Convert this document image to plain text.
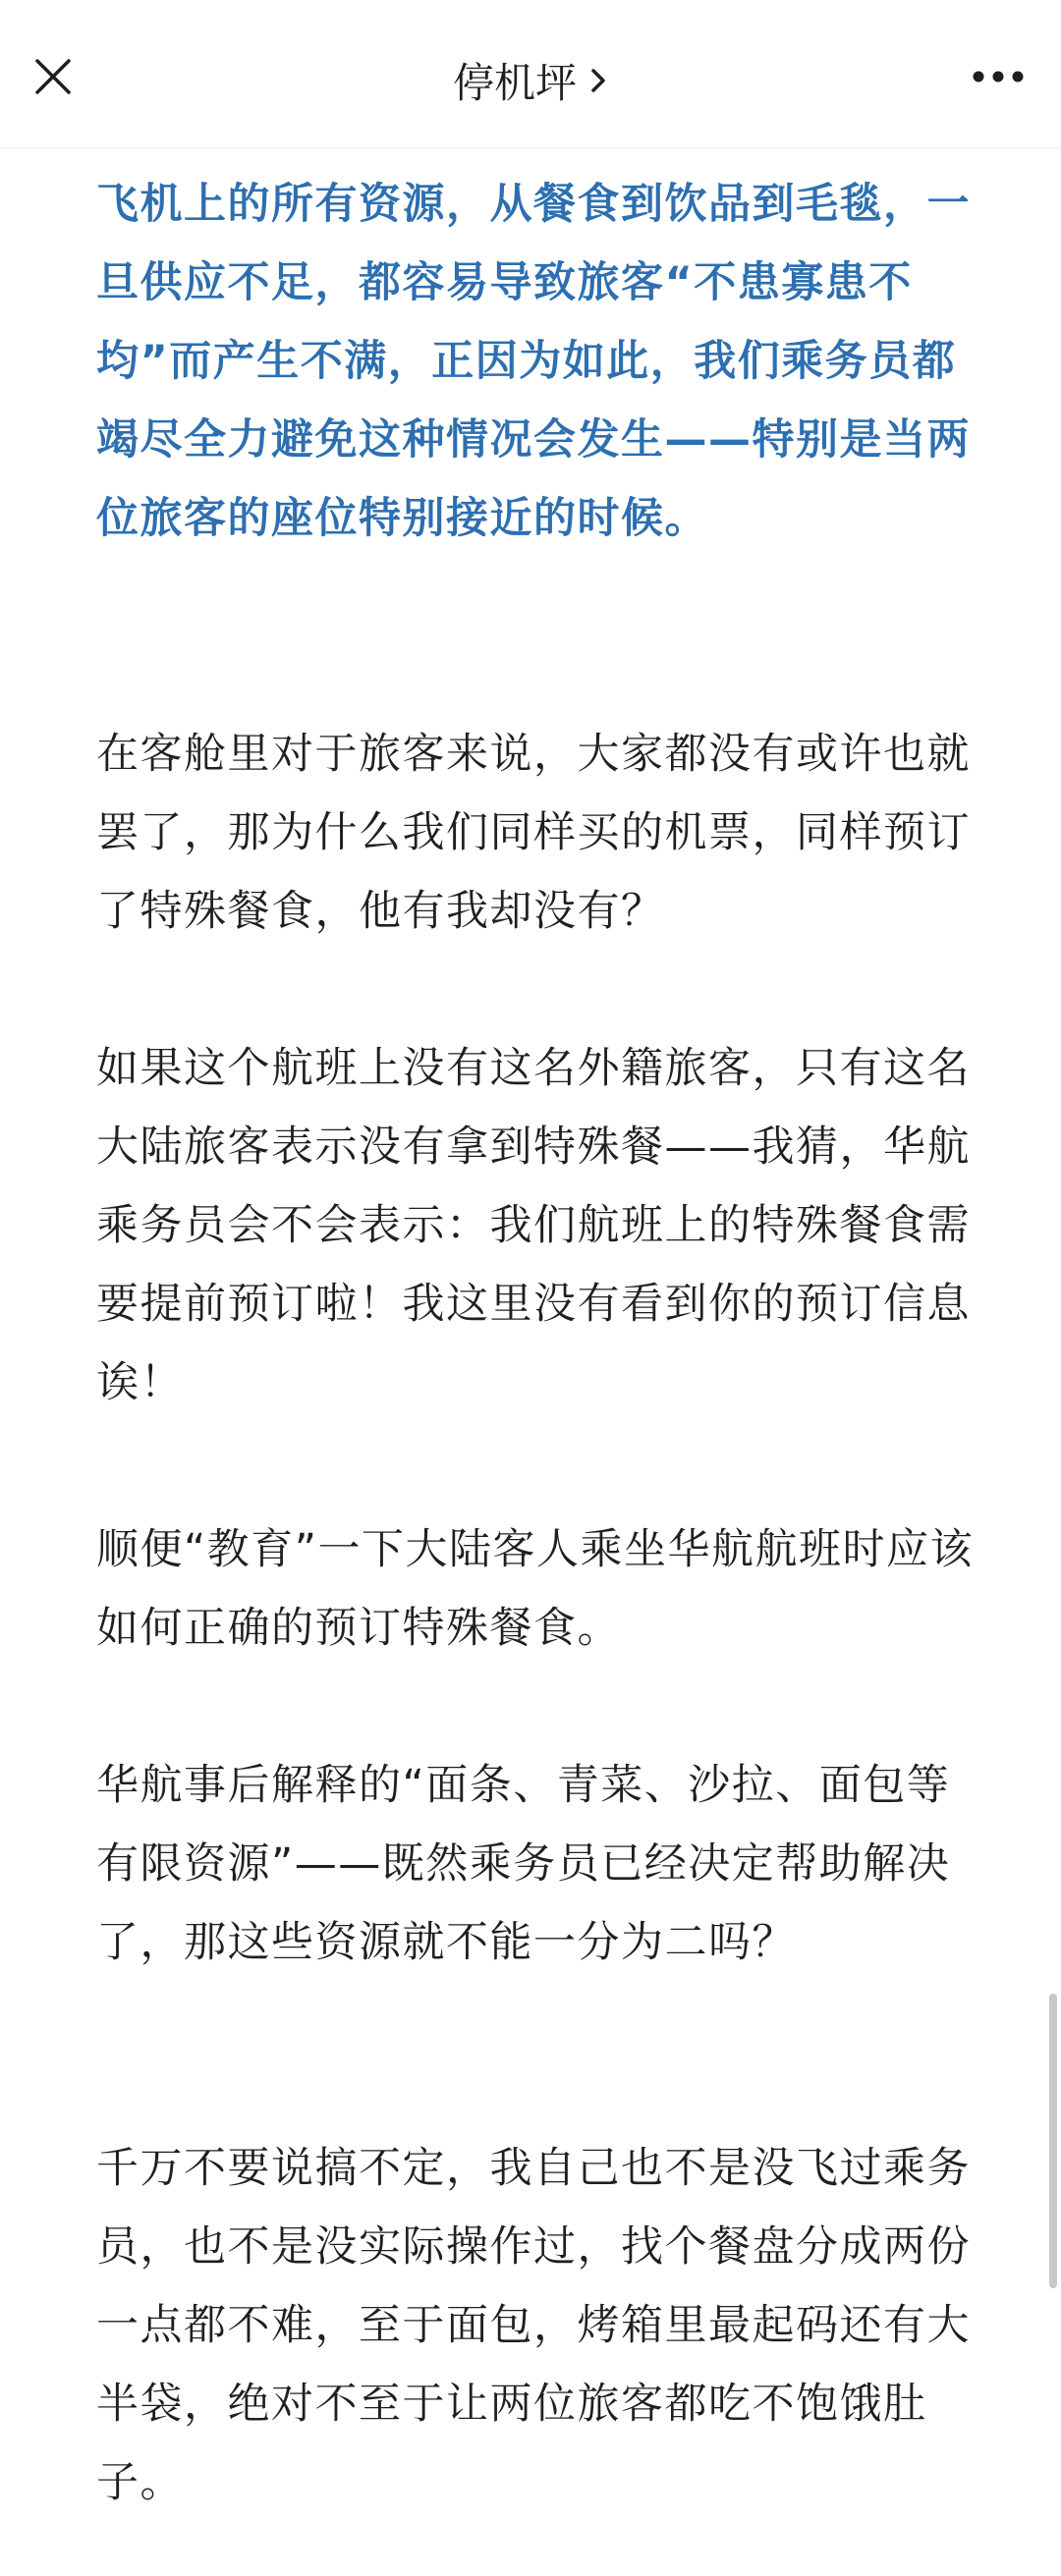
停机坪

飞机上的所有资源，从餐食到饮品到毛毯，一旦供应不足，都容易导致旅客“不患寡患不均”而产生不满，正因为如此，我们乘务员都竭尽全力避免这种情况会发生——特别是当两位旅客的座位特别接近的时候。

在客舱里对于旅客来说，大家都没有或许也就罢了，那为什么我们同样买的机票，同样预订了特殊餐食，他有我却没有？

如果这个航班上没有这名外籍旅客，只有这名大陆旅客表示没有拿到特殊餐——我猜，华航乘务员会不会表示：我们航班上的特殊餐食需要提前预订啦！我这里没有看到你的预订信息诶！

顺便“教育”一下大陆客人乘坐华航航班时应该如何正确的预订特殊餐食。

华航事后解释的“面条、青菜、沙拉、面包等有限资源”——既然乘务员已经决定帮助解决了，那这些资源就不能一分为二吗？

千万不要说搞不定，我自己也不是没飞过乘务员，也不是没实际操作过，找个餐盘分成两份一点都不难，至于面包，烤箱里最起码还有大半袋，绝对不至于让两位旅客都吃不饱饿肚子。
